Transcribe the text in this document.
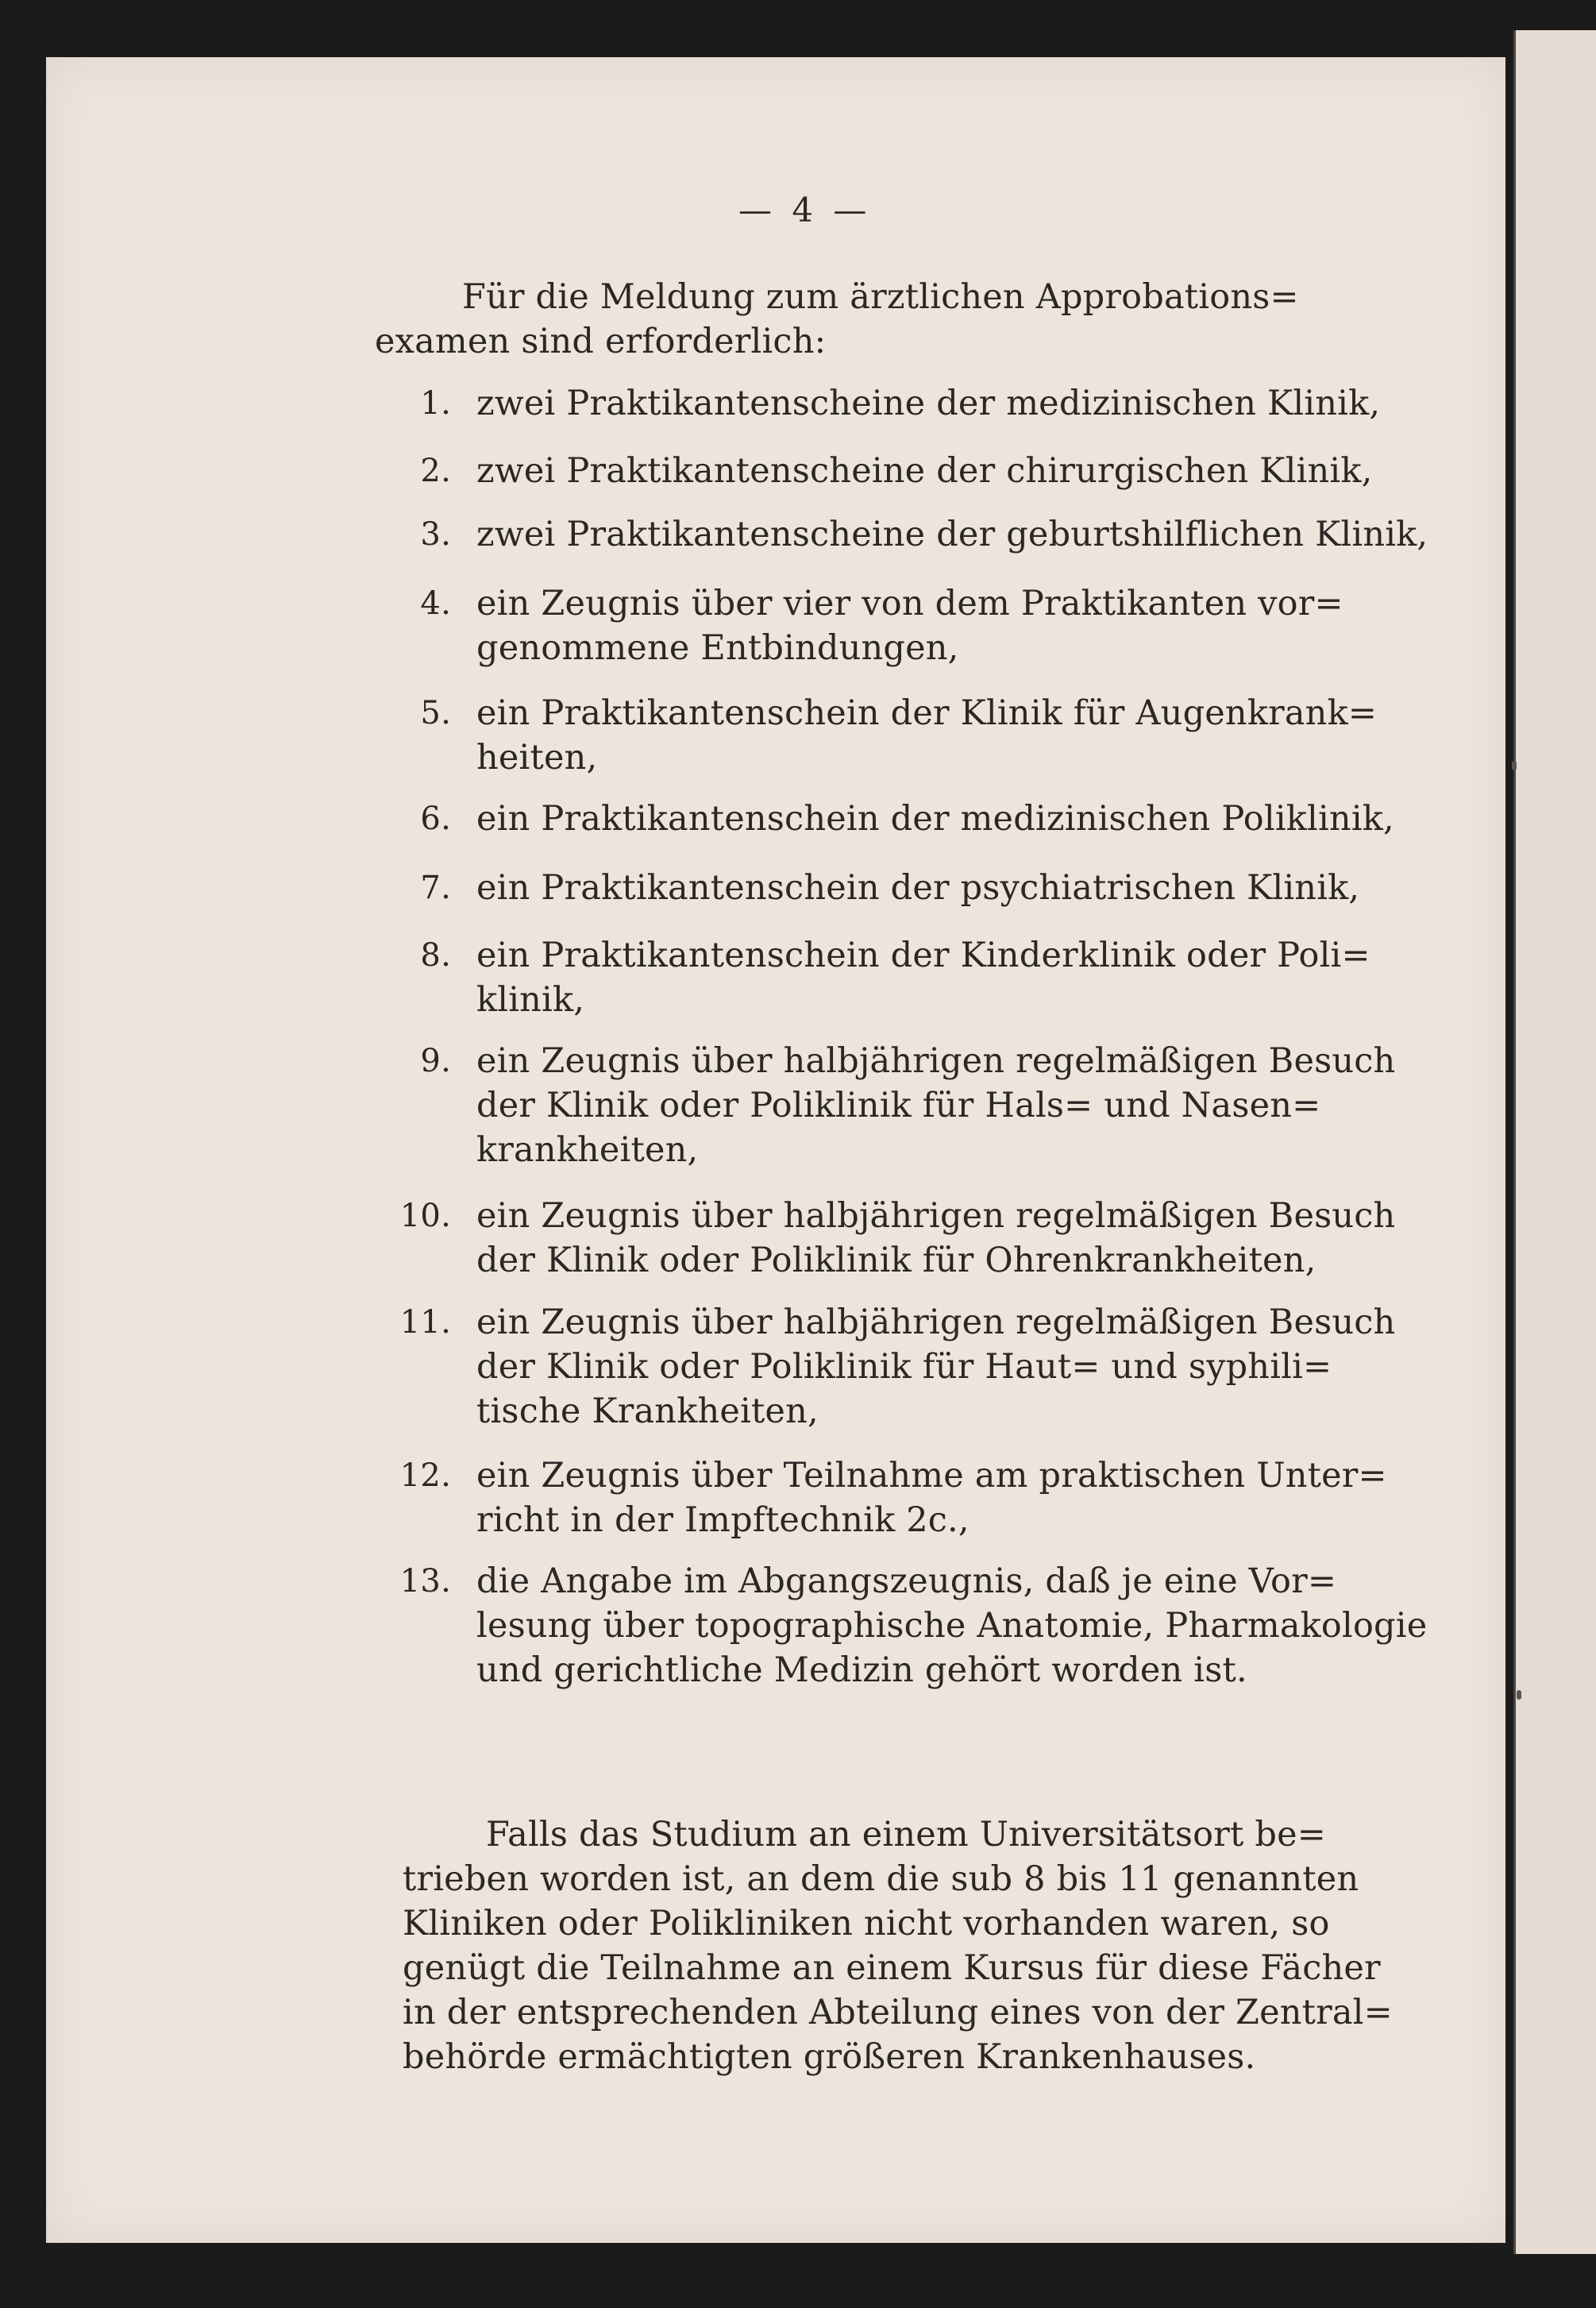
— 4 —
Für die Meldung zum ärztlichen Approbations=
examen sind erforderlich:
1. zwei Praktikantenscheine der medizinischen Klinik,
2. zwei Praktikantenscheine der chirurgischen Klinik,
3. zwei Praktikantenscheine der geburtshilflichen Klinik,
4. ein Zeugnis über vier von dem Praktikanten vor=
genommene Entbindungen,
5. ein Praktikantenschein der Klinik für Augenkrank=
heiten,
6. ein Praktikantenschein der medizinischen Poliklinik,
7. ein Praktikantenschein der psychiatrischen Klinik,
8. ein Praktikantenschein der Kinderklinik oder Poli=
klinik,
9. ein Zeugnis über halbjährigen regelmäßigen Besuch
der Klinik oder Poliklinik für Hals= und Nasen=
krankheiten,
10. ein Zeugnis über halbjährigen regelmäßigen Besuch
der Klinik oder Poliklinik für Ohrenkrankheiten,
11. ein Zeugnis über halbjährigen regelmäßigen Besuch
der Klinik oder Poliklinik für Haut= und syphili=
tische Krankheiten,
12. ein Zeugnis über Teilnahme am praktischen Unter=
richt in der Impftechnik 2c.,
13. die Angabe im Abgangszeugnis, daß je eine Vor=
lesung über topographische Anatomie, Pharmakologie
und gerichtliche Medizin gehört worden ist.
Falls das Studium an einem Universitätsort be=
trieben worden ist, an dem die sub 8 bis 11 genannten
Kliniken oder Polikliniken nicht vorhanden waren, so
genügt die Teilnahme an einem Kursus für diese Fächer
in der entsprechenden Abteilung eines von der Zentral=
behörde ermächtigten größeren Krankenhauses.
